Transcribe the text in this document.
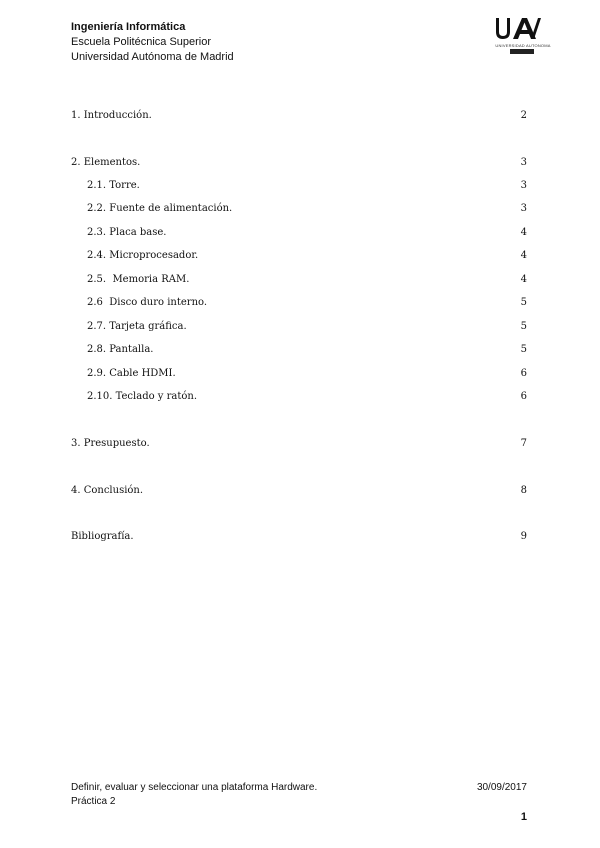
Ingeniería Informática
Escuela Politécnica Superior
Universidad Autónoma de Madrid
UNIVERSIDAD AUTONOMA
1. Introducción.	2
2. Elementos.	3
2.1. Torre.	3
2.2. Fuente de alimentación.	3
2.3. Placa base.	4
2.4. Microprocesador.	4
2.5.  Memoria RAM.	4
2.6  Disco duro interno.	5
2.7. Tarjeta gráfica.	5
2.8. Pantalla.	5
2.9. Cable HDMI.	6
2.10. Teclado y ratón.	6
3. Presupuesto.	7
4. Conclusión.	8
Bibliografía.	9
Definir, evaluar y seleccionar una plataforma Hardware.	30/09/2017
Práctica 2
1
